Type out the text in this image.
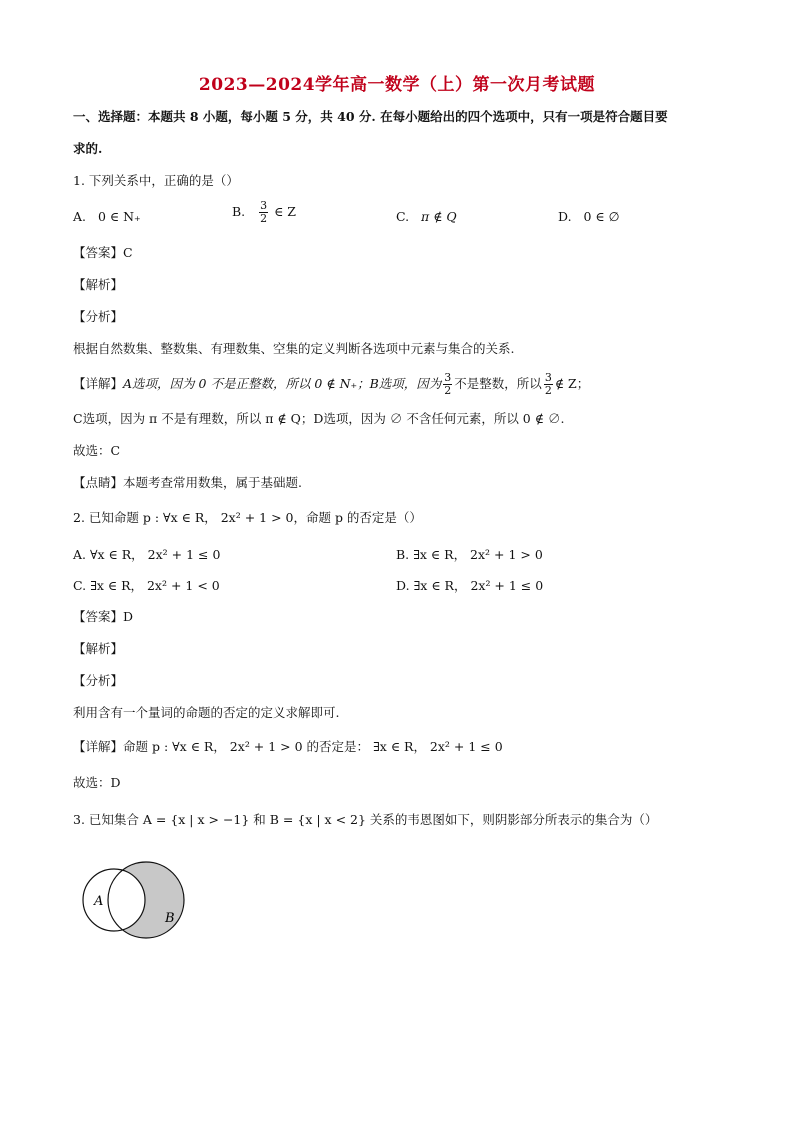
2023—2024学年高一数学（上）第一次月考试题
一、选择题：本题共 8 小题，每小题 5 分，共 40 分. 在每小题给出的四个选项中，只有一项是符合题目要
求的.
1. 下列关系中，正确的是（）
A. 0 ∈ N₊	B. $\frac{3}{2}$ ∈ Z	C. π ∉ Q	D. 0 ∈ ∅
【答案】C
【解析】
【分析】
根据自然数集、整数集、有理数集、空集的定义判断各选项中元素与集合的关系.
【详解】A选项，因为 0 不是正整数，所以 0 ∉ N₊；B选项，因为 $\frac{3}{2}$ 不是整数，所以 $\frac{3}{2}$ ∉ Z；
C选项，因为 π 不是有理数，所以 π ∉ Q；D选项，因为 ∅ 不含任何元素，所以 0 ∉ ∅.
故选：C
【点睛】本题考查常用数集，属于基础题.
2. 已知命题 p : ∀x ∈ R， 2x² + 1 > 0，命题 p 的否定是（）
A. ∀x ∈ R， 2x² + 1 ≤ 0	B. ∃x ∈ R， 2x² + 1 > 0
C. ∃x ∈ R， 2x² + 1 < 0	D. ∃x ∈ R， 2x² + 1 ≤ 0
【答案】D
【解析】
【分析】
利用含有一个量词的命题的否定的定义求解即可.
【详解】命题 p : ∀x ∈ R， 2x² + 1 > 0 的否定是： ∃x ∈ R， 2x² + 1 ≤ 0
故选：D
3. 已知集合 A = {x | x > −1} 和 B = {x | x < 2} 关系的韦恩图如下，则阴影部分所表示的集合为（）
A
B
